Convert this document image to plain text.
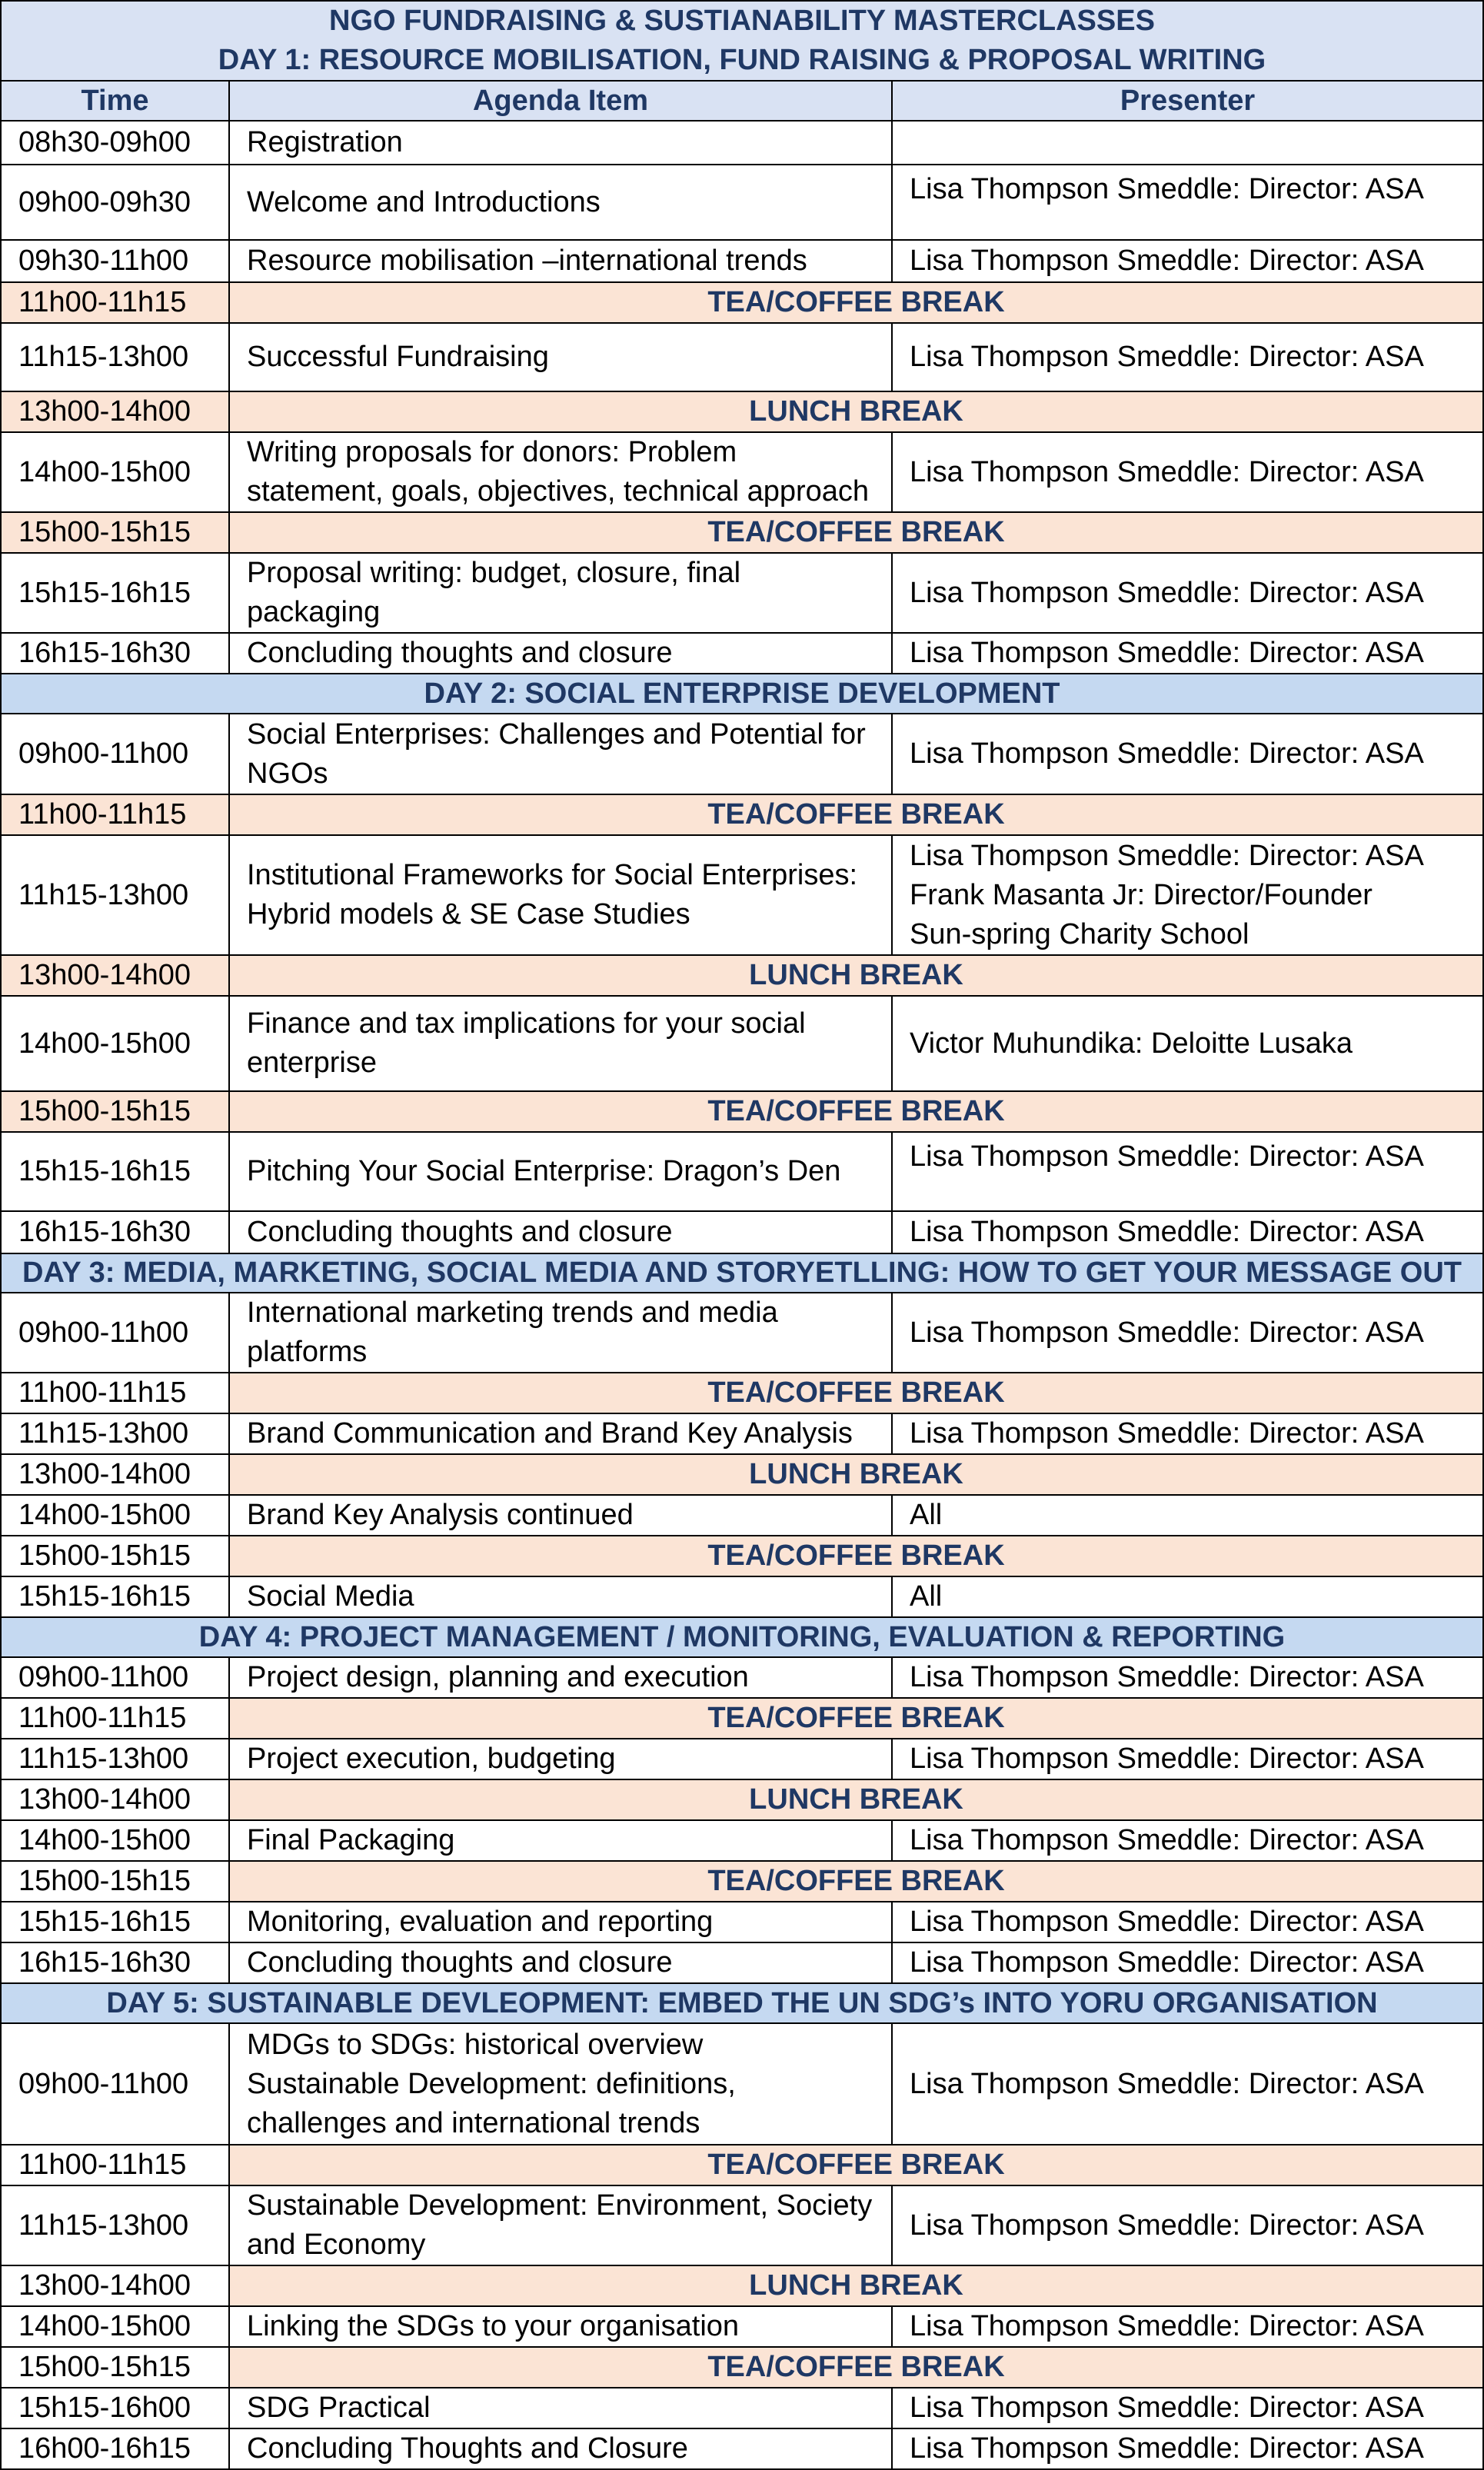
NGO FUNDRAISING & SUSTIANABILITY MASTERCLASSES
DAY 1: RESOURCE MOBILISATION, FUND RAISING & PROPOSAL WRITING		

Time	Agenda Item	Presenter
08h30-09h00	Registration	
09h00-09h30	Welcome and Introductions	Lisa Thompson Smeddle: Director: ASA
09h30-11h00	Resource mobilisation –international trends	Lisa Thompson Smeddle: Director: ASA
11h00-11h15	TEA/COFFEE BREAK	
11h15-13h00	Successful Fundraising	Lisa Thompson Smeddle: Director: ASA
13h00-14h00	LUNCH BREAK	
14h00-15h00	Writing proposals for donors: Problem
statement, goals, objectives, technical approach	Lisa Thompson Smeddle: Director: ASA
15h00-15h15	TEA/COFFEE BREAK	
15h15-16h15	Proposal writing: budget, closure, final
packaging	Lisa Thompson Smeddle: Director: ASA
16h15-16h30	Concluding thoughts and closure	Lisa Thompson Smeddle: Director: ASA
DAY 2: SOCIAL ENTERPRISE DEVELOPMENT		
09h00-11h00	Social Enterprises: Challenges and Potential for
NGOs	Lisa Thompson Smeddle: Director: ASA
11h00-11h15	TEA/COFFEE BREAK	
11h15-13h00	Institutional Frameworks for Social Enterprises:
Hybrid models & SE Case Studies	Lisa Thompson Smeddle: Director: ASA
Frank Masanta Jr: Director/Founder
Sun-spring Charity School
13h00-14h00	LUNCH BREAK	
14h00-15h00	Finance and tax implications for your social
enterprise	Victor Muhundika: Deloitte Lusaka
15h00-15h15	TEA/COFFEE BREAK	
15h15-16h15	Pitching Your Social Enterprise: Dragon’s Den	Lisa Thompson Smeddle: Director: ASA
16h15-16h30	Concluding thoughts and closure	Lisa Thompson Smeddle: Director: ASA
DAY 3: MEDIA, MARKETING, SOCIAL MEDIA AND STORYETLLING: HOW TO GET YOUR MESSAGE OUT		
09h00-11h00	International marketing trends and media
platforms	Lisa Thompson Smeddle: Director: ASA
11h00-11h15	TEA/COFFEE BREAK	
11h15-13h00	Brand Communication and Brand Key Analysis	Lisa Thompson Smeddle: Director: ASA
13h00-14h00	LUNCH BREAK	
14h00-15h00	Brand Key Analysis continued	All
15h00-15h15	TEA/COFFEE BREAK	
15h15-16h15	Social Media	All
DAY 4: PROJECT MANAGEMENT / MONITORING, EVALUATION & REPORTING		
09h00-11h00	Project design, planning and execution	Lisa Thompson Smeddle: Director: ASA
11h00-11h15	TEA/COFFEE BREAK	
11h15-13h00	Project execution, budgeting	Lisa Thompson Smeddle: Director: ASA
13h00-14h00	LUNCH BREAK	
14h00-15h00	Final Packaging	Lisa Thompson Smeddle: Director: ASA
15h00-15h15	TEA/COFFEE BREAK	
15h15-16h15	Monitoring, evaluation and reporting	Lisa Thompson Smeddle: Director: ASA
16h15-16h30	Concluding thoughts and closure	Lisa Thompson Smeddle: Director: ASA
DAY 5: SUSTAINABLE DEVLEOPMENT: EMBED THE UN SDG’s INTO YORU ORGANISATION		
09h00-11h00	MDGs to SDGs: historical overview
Sustainable Development: definitions,
challenges and international trends	Lisa Thompson Smeddle: Director: ASA
11h00-11h15	TEA/COFFEE BREAK	
11h15-13h00	Sustainable Development: Environment, Society
and Economy	Lisa Thompson Smeddle: Director: ASA
13h00-14h00	LUNCH BREAK	
14h00-15h00	Linking the SDGs to your organisation	Lisa Thompson Smeddle: Director: ASA
15h00-15h15	TEA/COFFEE BREAK	
15h15-16h00	SDG Practical	Lisa Thompson Smeddle: Director: ASA
16h00-16h15	Concluding Thoughts and Closure	Lisa Thompson Smeddle: Director: ASA
